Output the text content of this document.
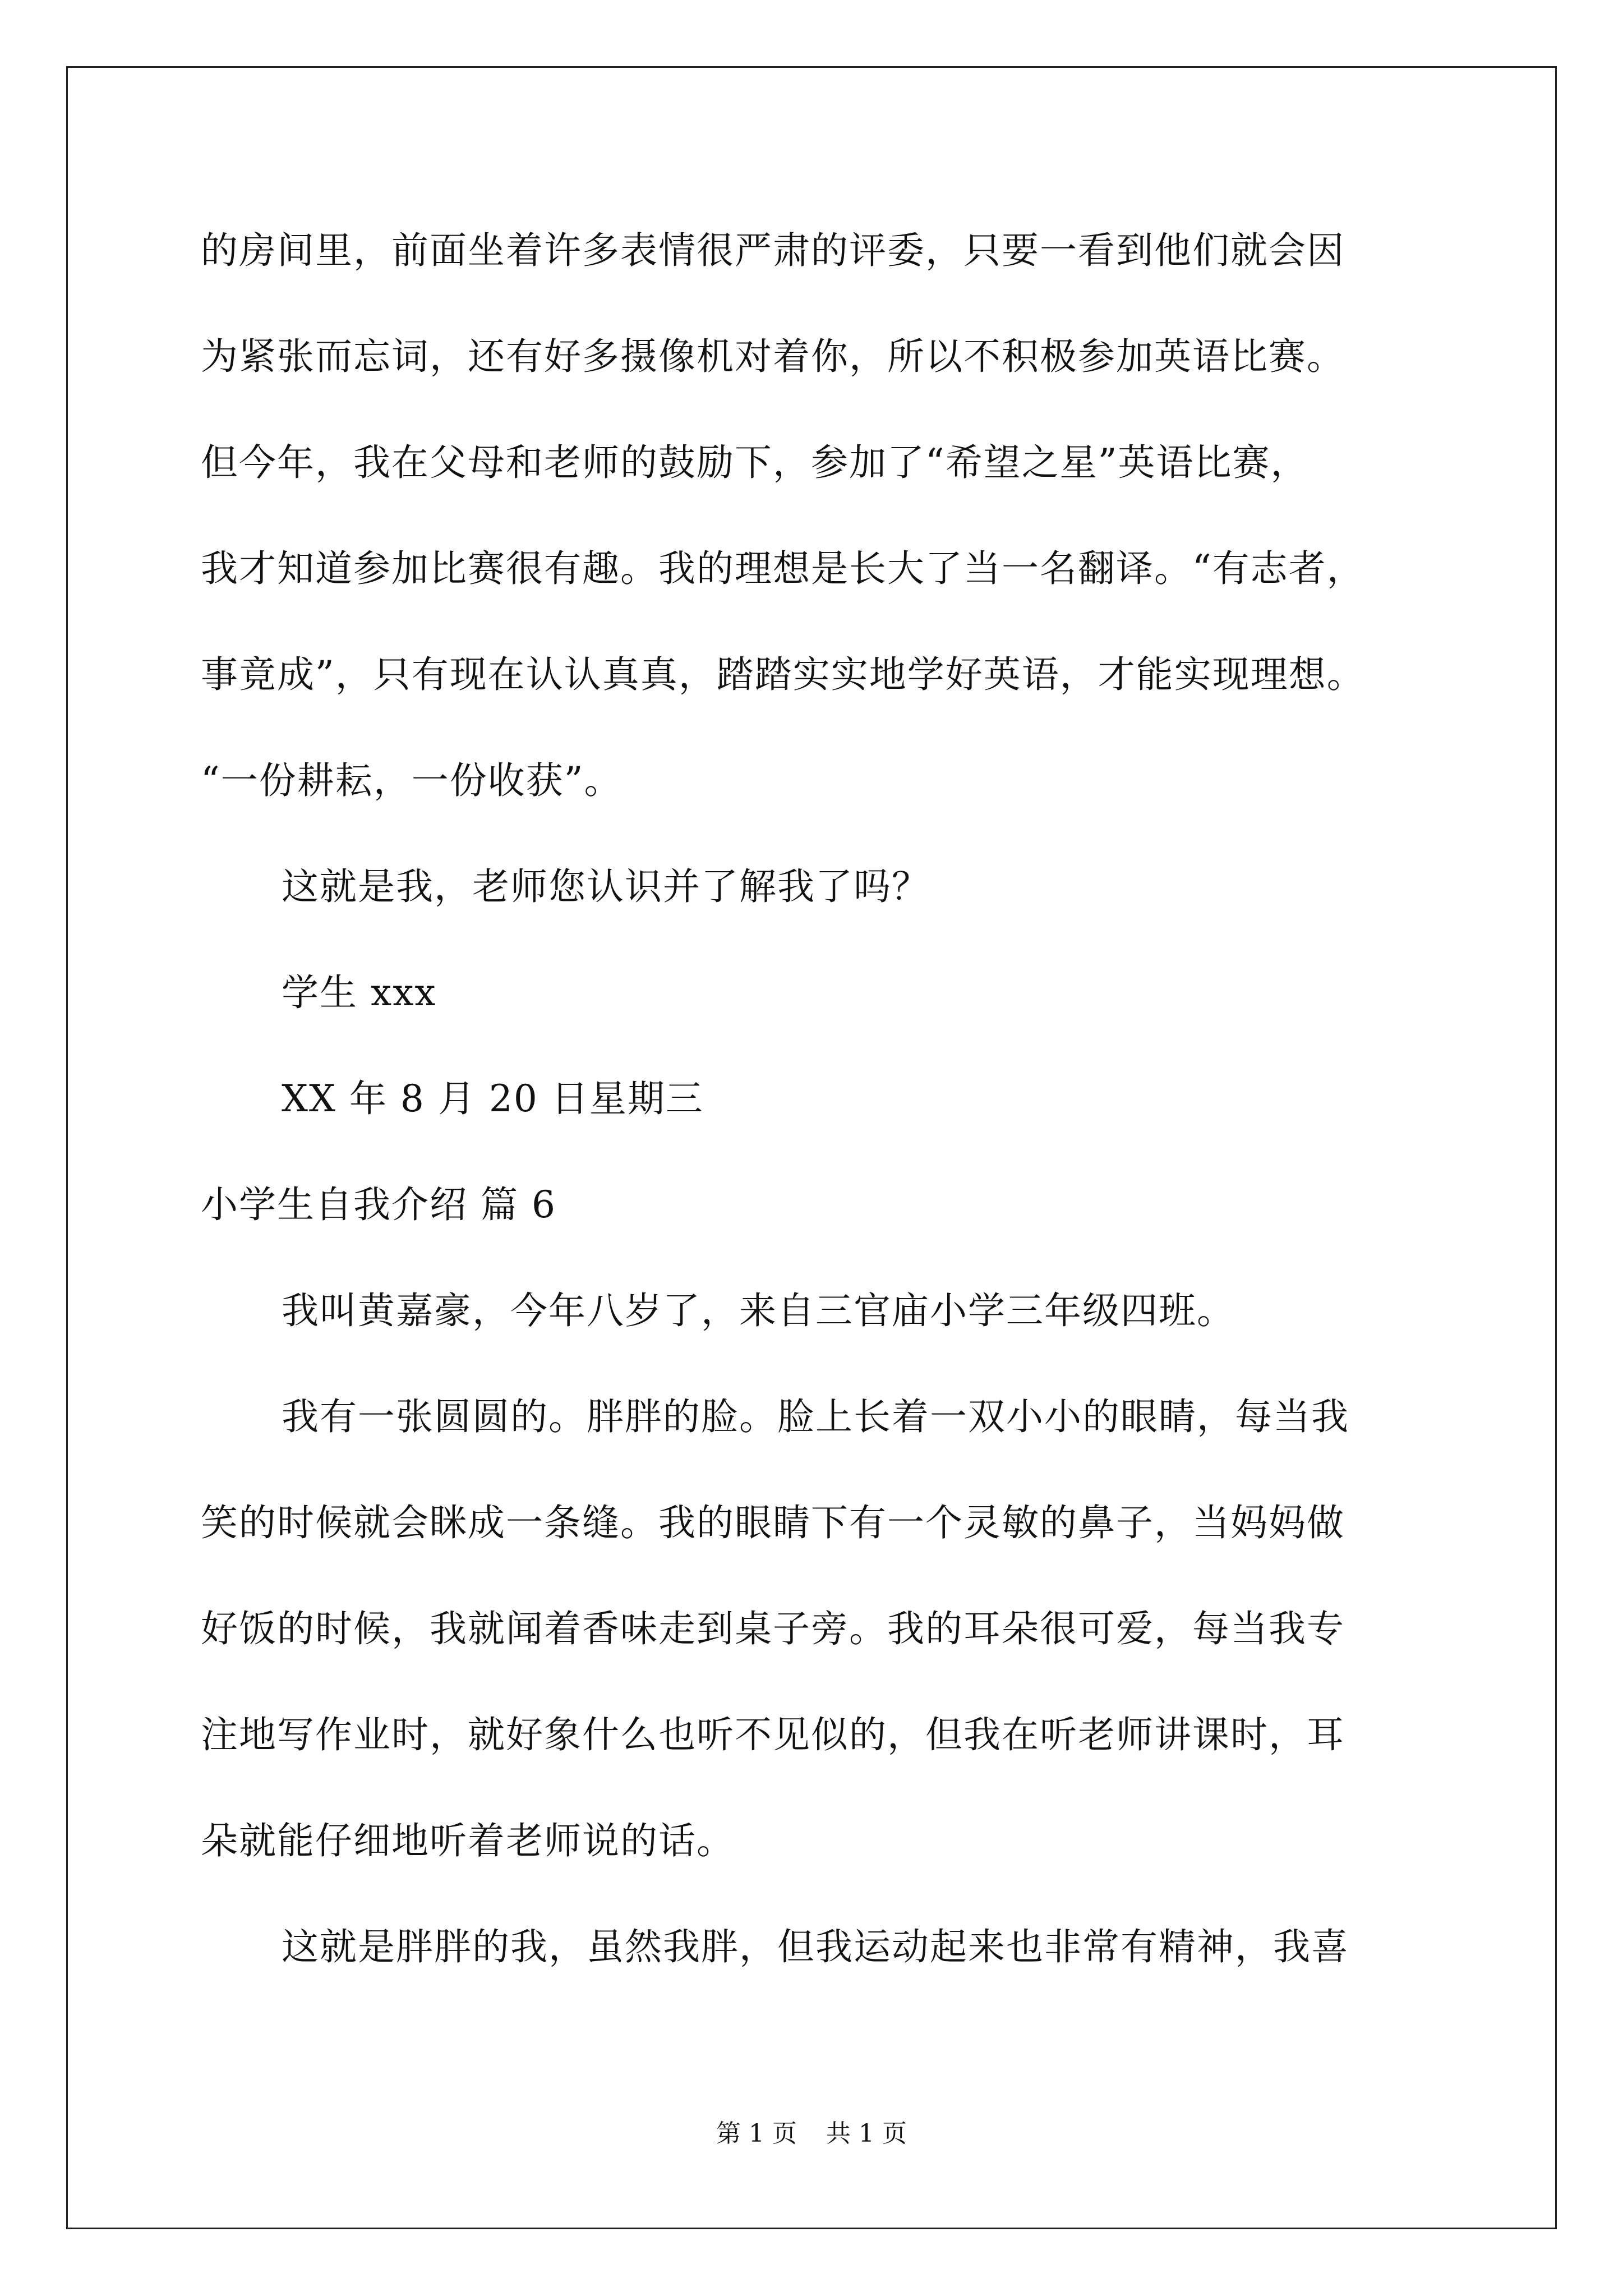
的房间里，前面坐着许多表情很严肃的评委，只要一看到他们就会因
为紧张而忘词，还有好多摄像机对着你，所以不积极参加英语比赛。
但今年，我在父母和老师的鼓励下，参加了“希望之星”英语比赛，
我才知道参加比赛很有趣。我的理想是长大了当一名翻译。“有志者，
事竟成”，只有现在认认真真，踏踏实实地学好英语，才能实现理想。
“一份耕耘，一份收获”。
这就是我，老师您认识并了解我了吗？
学生 xxx
XX 年 8 月 20 日星期三
小学生自我介绍 篇 6
我叫黄嘉豪，今年八岁了，来自三官庙小学三年级四班。
我有一张圆圆的。胖胖的脸。脸上长着一双小小的眼睛，每当我
笑的时候就会眯成一条缝。我的眼睛下有一个灵敏的鼻子，当妈妈做
好饭的时候，我就闻着香味走到桌子旁。我的耳朵很可爱，每当我专
注地写作业时，就好象什么也听不见似的，但我在听老师讲课时，耳
朵就能仔细地听着老师说的话。
这就是胖胖的我，虽然我胖，但我运动起来也非常有精神，我喜
第 1 页 共 1 页
